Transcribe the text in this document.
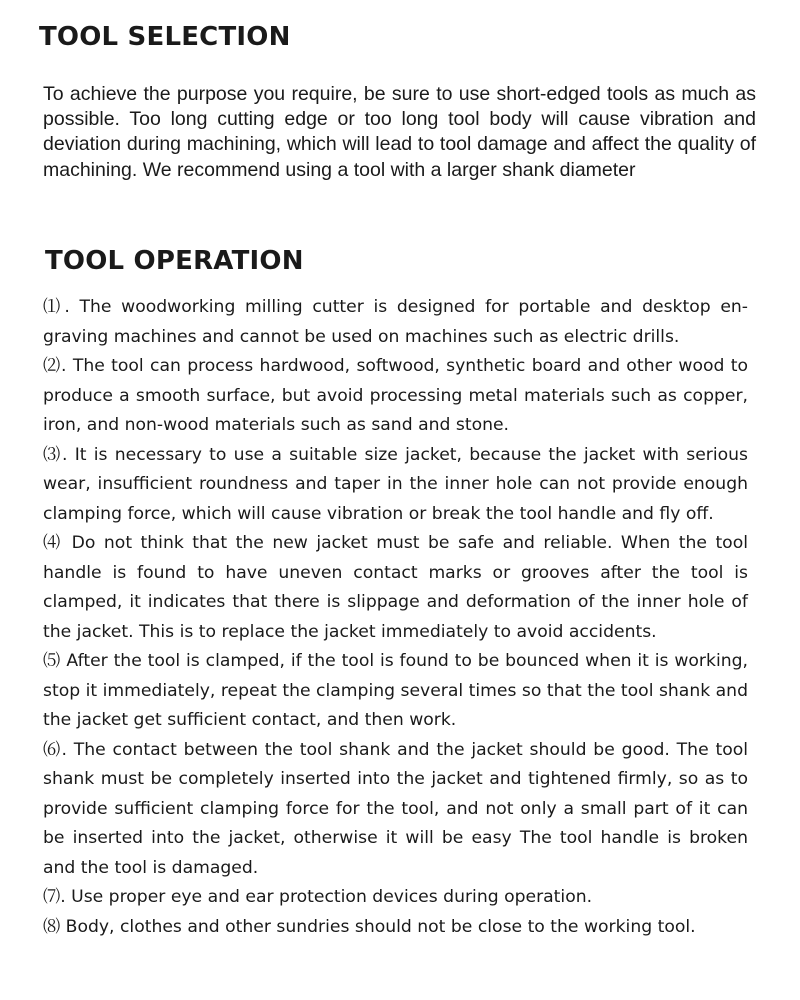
TOOL SELECTION

To achieve the purpose you require, be sure to use short-edged tools as much as possible. Too long cutting edge or too long tool body will cause vibration and deviation during machining, which will lead to tool damage and affect the quality of machining. We recommend using a tool with a larger shank diameter

TOOL OPERATION
⑴. The woodworking milling cutter is designed for portable and desktop engraving machines and cannot be used on machines such as electric drills.
⑵. The tool can process hardwood, softwood, synthetic board and other wood to produce a smooth surface, but avoid processing metal materials such as copper, iron, and non-wood materials such as sand and stone.
⑶. It is necessary to use a suitable size jacket, because the jacket with serious wear, insufficient roundness and taper in the inner hole can not provide enough clamping force, which will cause vibration or break the tool handle and fly off.
⑷ Do not think that the new jacket must be safe and reliable. When the tool handle is found to have uneven contact marks or grooves after the tool is clamped, it indicates that there is slippage and deformation of the inner hole of the jacket. This is to replace the jacket immediately to avoid accidents.
⑸ After the tool is clamped, if the tool is found to be bounced when it is working, stop it immediately, repeat the clamping several times so that the tool shank and the jacket get sufficient contact, and then work.
⑹. The contact between the tool shank and the jacket should be good. The tool shank must be completely inserted into the jacket and tightened firmly, so as to provide sufficient clamping force for the tool, and not only a small part of it can be inserted into the jacket, otherwise it will be easy The tool handle is broken and the tool is damaged.
⑺. Use proper eye and ear protection devices during operation.
⑻ Body, clothes and other sundries should not be close to the working tool.
